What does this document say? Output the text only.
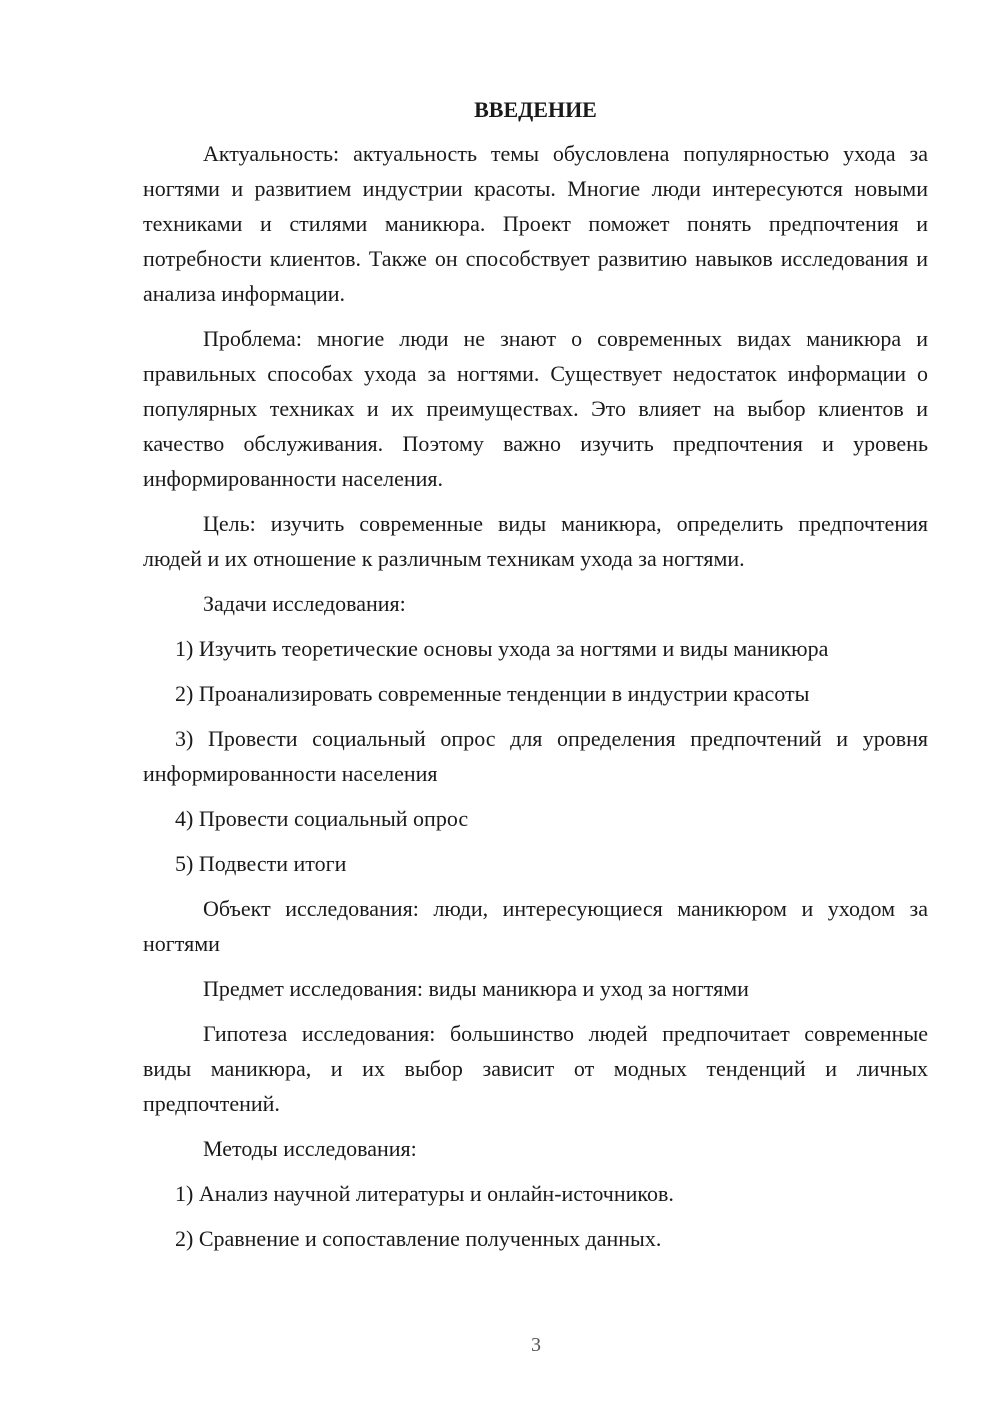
ВВЕДЕНИЕ

Актуальность: актуальность темы обусловлена популярностью ухода за ногтями и развитием индустрии красоты. Многие люди интересуются новыми техниками и стилями маникюра. Проект поможет понять предпочтения и потребности клиентов. Также он способствует развитию навыков исследования и анализа информации.

Проблема: многие люди не знают о современных видах маникюра и правильных способах ухода за ногтями. Существует недостаток информации о популярных техниках и их преимуществах. Это влияет на выбор клиентов и качество обслуживания. Поэтому важно изучить предпочтения и уровень информированности населения.

Цель: изучить современные виды маникюра, определить предпочтения людей и их отношение к различным техникам ухода за ногтями.

Задачи исследования:

1) Изучить теоретические основы ухода за ногтями и виды маникюра

2) Проанализировать современные тенденции в индустрии красоты

3) Провести социальный опрос для определения предпочтений и уровня информированности населения

4) Провести социальный опрос

5) Подвести итоги

Объект исследования: люди, интересующиеся маникюром и уходом за ногтями

Предмет исследования: виды маникюра и уход за ногтями

Гипотеза исследования: большинство людей предпочитает современные виды маникюра, и их выбор зависит от модных тенденций и личных предпочтений.

Методы исследования:

1) Анализ научной литературы и онлайн-источников.

2) Сравнение и сопоставление полученных данных.

3
